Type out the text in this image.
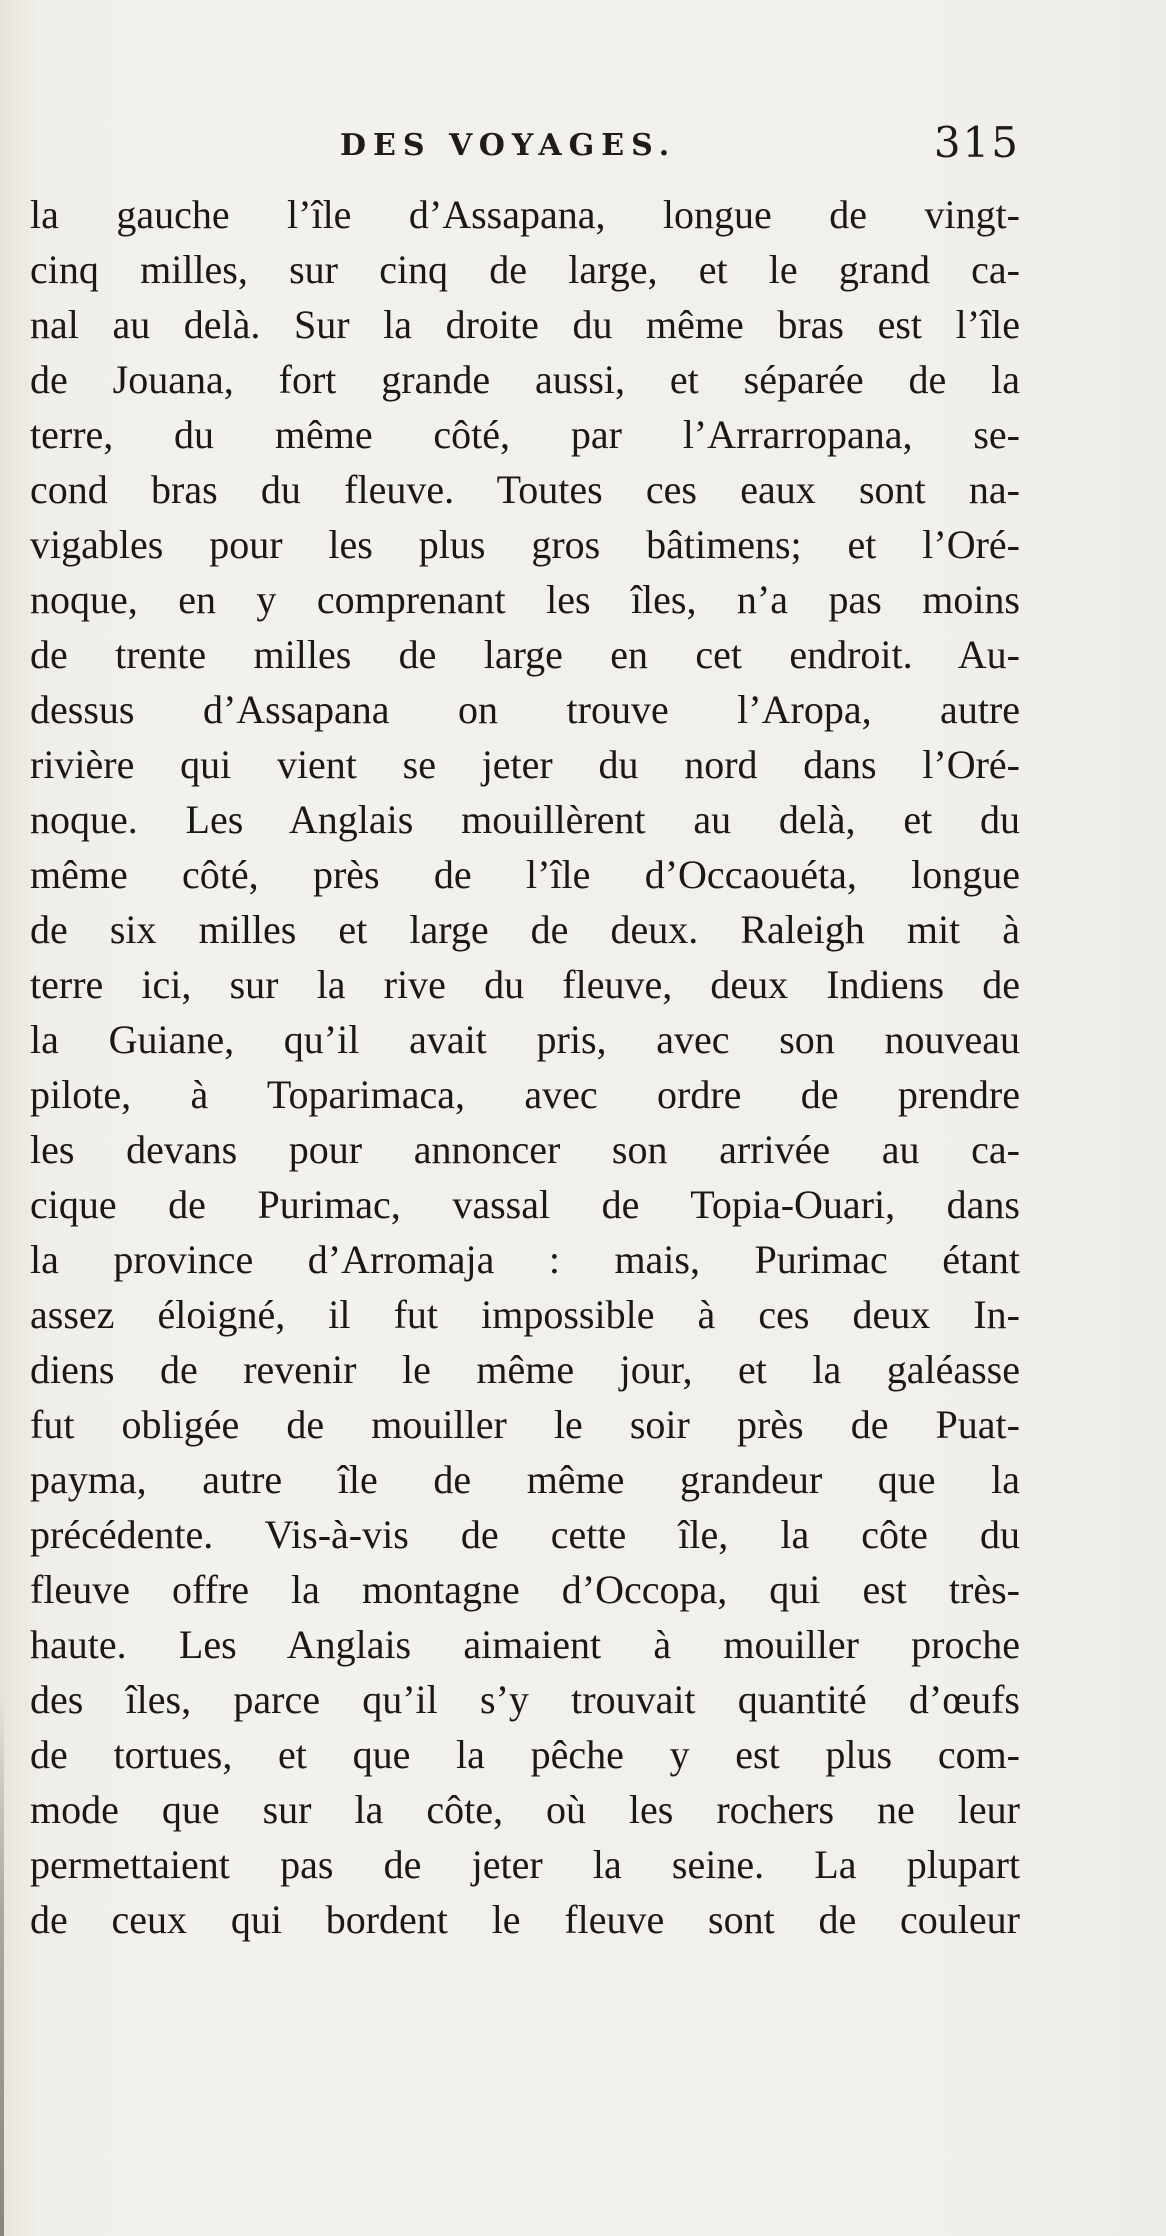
DES VOYAGES.	315
la gauche l’île d’Assapana, longue de vingt-
cinq milles, sur cinq de large, et le grand ca-
nal au delà. Sur la droite du même bras est l’île
de Jouana, fort grande aussi, et séparée de la
terre, du même côté, par l’Arrarropana, se-
cond bras du fleuve. Toutes ces eaux sont na-
vigables pour les plus gros bâtimens; et l’Oré-
noque, en y comprenant les îles, n’a pas moins
de trente milles de large en cet endroit. Au-
dessus d’Assapana on trouve l’Aropa, autre
rivière qui vient se jeter du nord dans l’Oré-
noque. Les Anglais mouillèrent au delà, et du
même côté, près de l’île d’Occaouéta, longue
de six milles et large de deux. Raleigh mit à
terre ici, sur la rive du fleuve, deux Indiens de
la Guiane, qu’il avait pris, avec son nouveau
pilote, à Toparimaca, avec ordre de prendre
les devans pour annoncer son arrivée au ca-
cique de Purimac, vassal de Topia-Ouari, dans
la province d’Arromaja : mais, Purimac étant
assez éloigné, il fut impossible à ces deux In-
diens de revenir le même jour, et la galéasse
fut obligée de mouiller le soir près de Puat-
payma, autre île de même grandeur que la
précédente. Vis-à-vis de cette île, la côte du
fleuve offre la montagne d’Occopa, qui est très-
haute. Les Anglais aimaient à mouiller proche
des îles, parce qu’il s’y trouvait quantité d’œufs
de tortues, et que la pêche y est plus com-
mode que sur la côte, où les rochers ne leur
permettaient pas de jeter la seine. La plupart
de ceux qui bordent le fleuve sont de couleur
